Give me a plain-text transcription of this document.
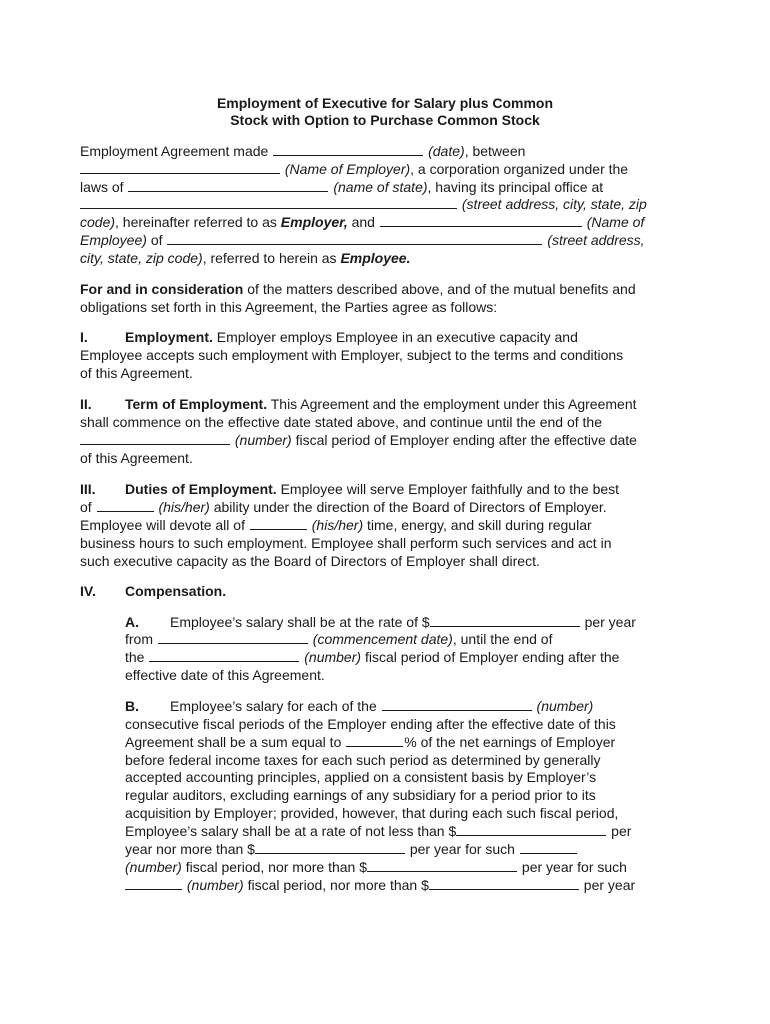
Employment of Executive for Salary plus Common
Stock with Option to Purchase Common Stock
Employment Agreement made	(date), between
(Name of Employer), a corporation organized under the
laws of	(name of state), having its principal office at
(street address, city, state, zip
code), hereinafter referred to as Employer, and	(Name of
Employee) of	(street address,
city, state, zip code), referred to herein as Employee.
For and in consideration of the matters described above, and of the mutual benefits and
obligations set forth in this Agreement, the Parties agree as follows:
I.	Employment. Employer employs Employee in an executive capacity and
Employee accepts such employment with Employer, subject to the terms and conditions
of this Agreement.
II. Term of Employment. This Agreement and the employment under this Agreement
shall commence on the effective date stated above, and continue until the end of the
(number) fiscal period of Employer ending after the effective date
of this Agreement.
III. Duties of Employment. Employee will serve Employer faithfully and to the best
of	(his/her) ability under the direction of the Board of Directors of Employer.
Employee will devote all of	(his/her) time, energy, and skill during regular
business hours to such employment. Employee shall perform such services and act in
such executive capacity as the Board of Directors of Employer shall direct.
IV. Compensation.
A. Employee’s salary shall be at the rate of $	per year
from	(commencement date), until the end of
the	(number) fiscal period of Employer ending after the
effective date of this Agreement.
B. Employee’s salary for each of the	(number)
consecutive fiscal periods of the Employer ending after the effective date of this
Agreement shall be a sum equal to	% of the net earnings of Employer
before federal income taxes for each such period as determined by generally
accepted accounting principles, applied on a consistent basis by Employer’s
regular auditors, excluding earnings of any subsidiary for a period prior to its
acquisition by Employer; provided, however, that during each such fiscal period,
Employee’s salary shall be at a rate of not less than $	per
year nor more than $	per year for such
(number) fiscal period, nor more than $	per year for such
(number) fiscal period, nor more than $	per year
